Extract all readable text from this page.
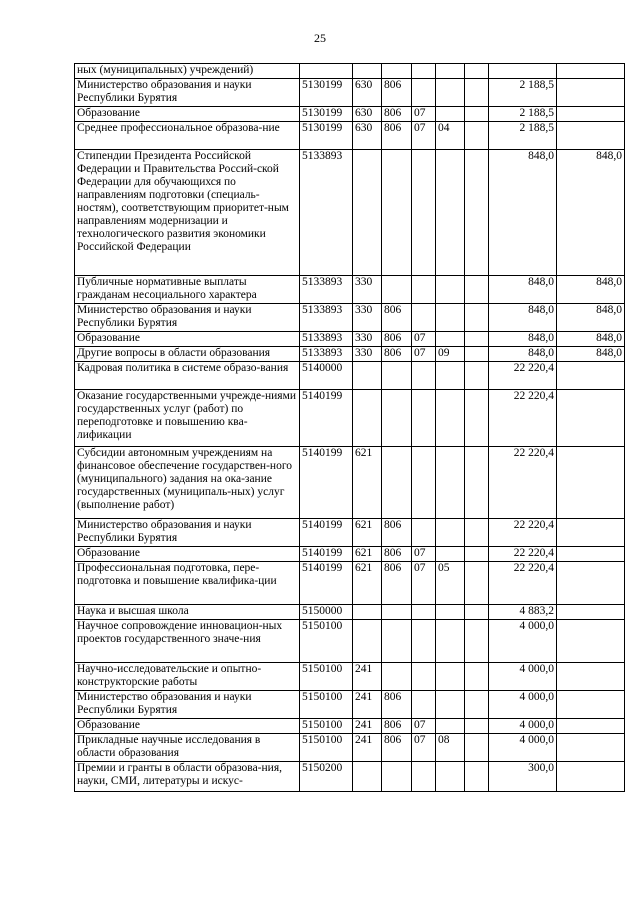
25
ных (муниципальных) учреждений)								
Министерство образования и науки Республики Бурятия	5130199	630	806				2 188,5	
Образование	5130199	630	806	07			2 188,5	
Среднее профессиональное образова-ние	5130199	630	806	07	04		2 188,5	
Стипендии Президента Российской Федерации и Правительства Россий-ской Федерации для обучающихся по направлениям подготовки (специаль-ностям), соответствующим приоритет-ным направлениям модернизации и технологического развития экономики Российской Федерации	5133893						848,0	848,0
Публичные нормативные выплаты гражданам несоциального характера	5133893	330					848,0	848,0
Министерство образования и науки Республики Бурятия	5133893	330	806				848,0	848,0
Образование	5133893	330	806	07			848,0	848,0
Другие вопросы в области образования	5133893	330	806	07	09		848,0	848,0
Кадровая политика в системе образо-вания	5140000						22 220,4	
Оказание государственными учрежде-ниями государственных услуг (работ) по переподготовке и повышению ква-лификации	5140199						22 220,4	
Субсидии автономным учреждениям на финансовое обеспечение государствен-ного (муниципального) задания на ока-зание государственных (муниципаль-ных) услуг (выполнение работ)	5140199	621					22 220,4	
Министерство образования и науки Республики Бурятия	5140199	621	806				22 220,4	
Образование	5140199	621	806	07			22 220,4	
Профессиональная подготовка, пере-подготовка и повышение квалифика-ции	5140199	621	806	07	05		22 220,4	
Наука и высшая школа	5150000						4 883,2	
Научное сопровождение инновацион-ных проектов государственного значе-ния	5150100						4 000,0	
Научно-исследовательские и опытно-конструкторские работы	5150100	241					4 000,0	
Министерство образования и науки Республики Бурятия	5150100	241	806				4 000,0	
Образование	5150100	241	806	07			4 000,0	
Прикладные научные исследования в области образования	5150100	241	806	07	08		4 000,0	
Премии и гранты в области образова-ния, науки, СМИ, литературы и искус-	5150200						300,0	
